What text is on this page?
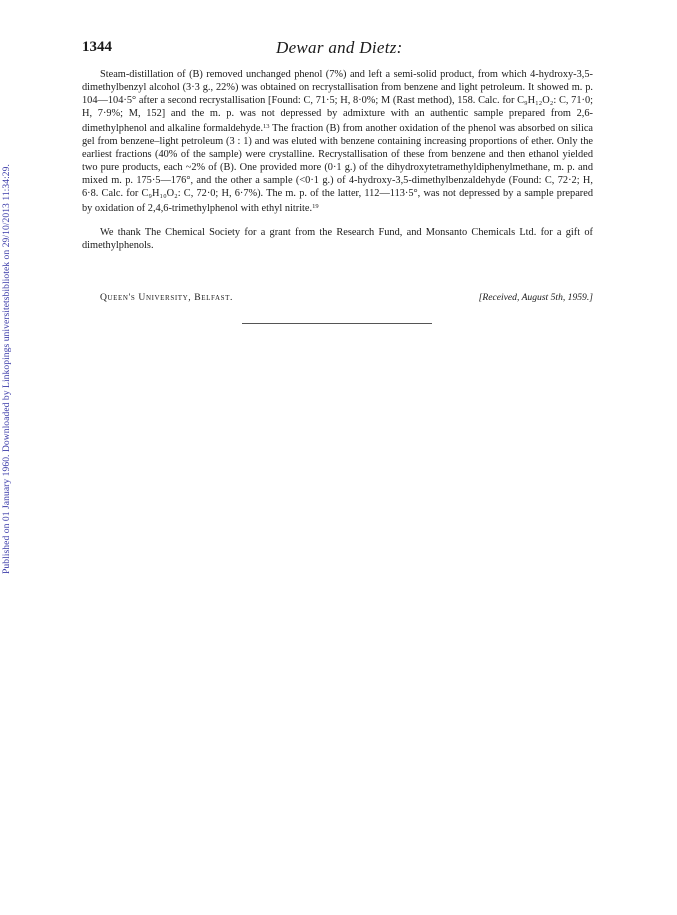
Published on 01 January 1960. Downloaded by Linkopings universitetsbibliotek on 29/10/2013 11:34:29.
1344	Dewar and Dietz:

Steam-distillation of (B) removed unchanged phenol (7%) and left a semi-solid product, from which 4-hydroxy-3,5-dimethylbenzyl alcohol (3·3 g., 22%) was obtained on recrystallisation from benzene and light petroleum. It showed m. p. 104—104·5° after a second recrystallisation [Found: C, 71·5; H, 8·0%; M (Rast method), 158. Calc. for C₉H₁₂O₂: C, 71·0; H, 7·9%; M, 152] and the m. p. was not depressed by admixture with an authentic sample prepared from 2,6-dimethylphenol and alkaline formaldehyde.$^{13}$ The fraction (B) from another oxidation of the phenol was absorbed on silica gel from benzene–light petroleum (3 : 1) and was eluted with benzene containing increasing proportions of ether. Only the earliest fractions (40% of the sample) were crystalline. Recrystallisation of these from benzene and then ethanol yielded two pure products, each ~2% of (B). One provided more (0·1 g.) of the dihydroxytetramethyldiphenylmethane, m. p. and mixed m. p. 175·5—176°, and the other a sample (<0·1 g.) of 4-hydroxy-3,5-dimethylbenzaldehyde (Found: C, 72·2; H, 6·8. Calc. for C₉H₁₀O₂: C, 72·0; H, 6·7%). The m. p. of the latter, 112—113·5°, was not depressed by a sample prepared by oxidation of 2,4,6-trimethylphenol with ethyl nitrite.$^{19}$

We thank The Chemical Society for a grant from the Research Fund, and Monsanto Chemicals Ltd. for a gift of dimethylphenols.

Queen's University, Belfast.	[Received, August 5th, 1959.]
